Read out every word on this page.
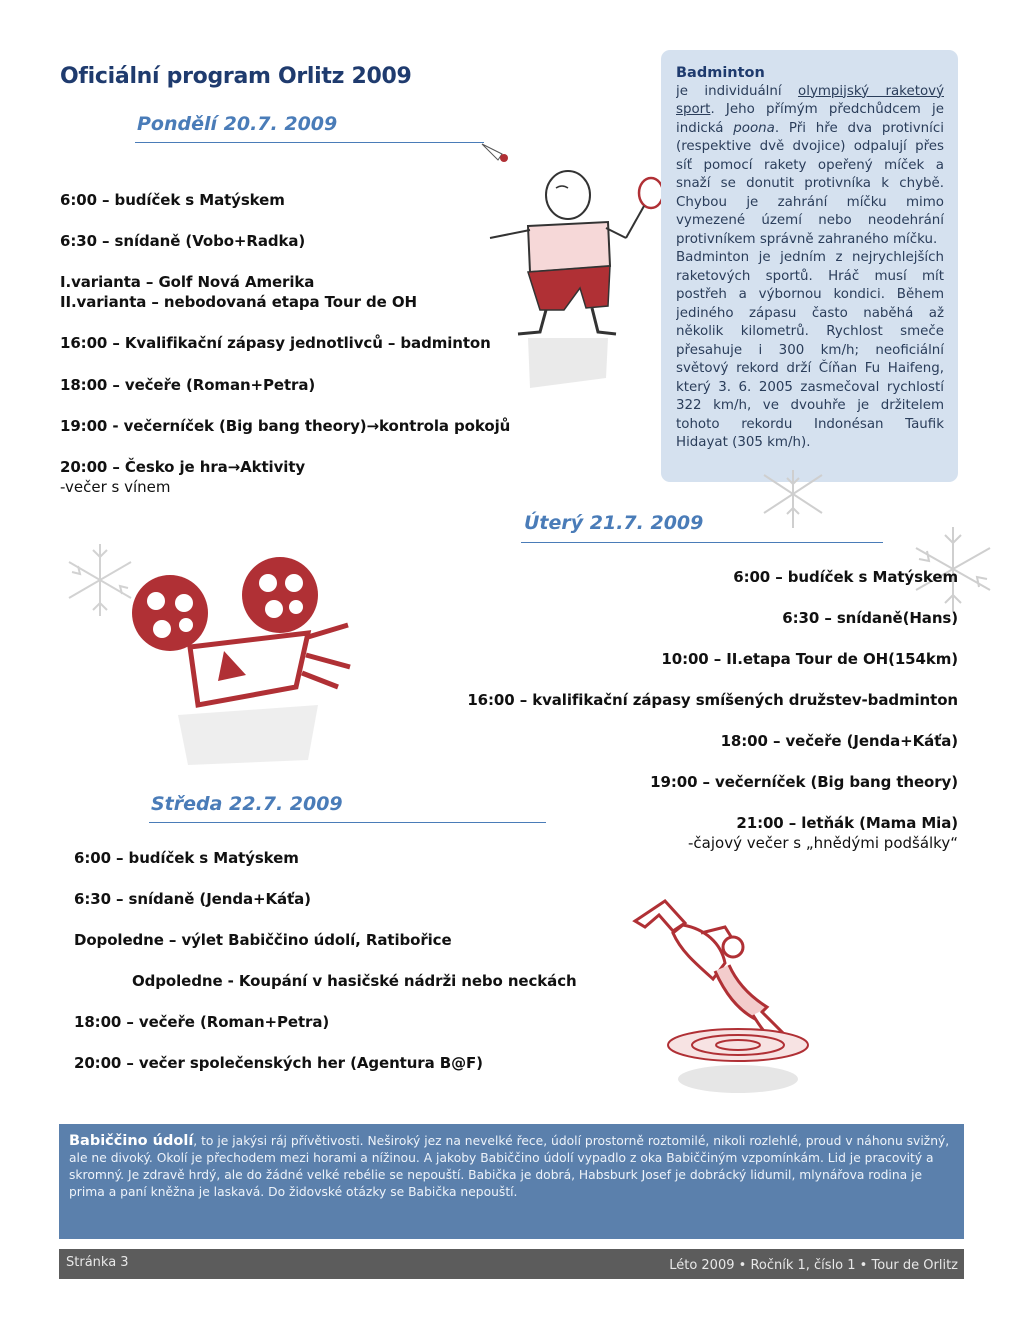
Oficiální program Orlitz 2009
Pondělí 20.7. 2009
6:00 – budíček s Matýskem
6:30 – snídaně (Vobo+Radka)
I.varianta – Golf Nová Amerika
II.varianta – nebodovaná etapa Tour de OH
16:00 – Kvalifikační zápasy jednotlivců – badminton
18:00 – večeře (Roman+Petra)
19:00 - večerníček (Big bang theory)→kontrola pokojů
20:00 – Česko je hra→Aktivity
-večer s vínem
Badminton
je individuální olympijský raketový sport. Jeho přímým předchůdcem je indická poona. Při hře dva protivníci (respektive dvě dvojice) odpalují přes síť pomocí rakety opeřený míček a snaží se donutit protivníka k chybě. Chybou je zahrání míčku mimo vymezené území nebo neodehrání protivníkem správně zahraného míčku.
Badminton je jedním z nejrychlejších raketových sportů. Hráč musí mít postřeh a výbornou kondici. Během jediného zápasu často naběhá až několik kilometrů. Rychlost smeče přesahuje i 300 km/h; neoficiální světový rekord drží Číňan Fu Haifeng, který 3. 6. 2005 zasmečoval rychlostí 322 km/h, ve dvouhře je držitelem tohoto rekordu Indonésan Taufik Hidayat (305 km/h).
Úterý 21.7. 2009
6:00 – budíček s Matýskem
6:30 – snídaně(Hans)
10:00 – II.etapa Tour de OH(154km)
16:00 – kvalifikační zápasy smíšených družstev-badminton
18:00 – večeře (Jenda+Káťa)
19:00 – večerníček (Big bang theory)
21:00 – letňák (Mama Mia)
-čajový večer s „hnědými podšálky“
Středa 22.7. 2009
6:00 – budíček s Matýskem
6:30 – snídaně (Jenda+Káťa)
Dopoledne – výlet Babiččino údolí, Ratibořice
Odpoledne - Koupání v hasičské nádrži nebo neckách
18:00 – večeře (Roman+Petra)
20:00 – večer společenských her (Agentura B@F)
Babiččino údolí, to je jakýsi ráj přívětivosti. Neširoký jez na nevelké řece, údolí prostorně roztomilé, nikoli rozlehlé, proud v náhonu svižný, ale ne divoký. Okolí je přechodem mezi horami a nížinou. A jakoby Babiččino údolí vypadlo z oka Babiččiným vzpomínkám. Lid je pracovitý a skromný. Je zdravě hrdý, ale do žádné velké rebélie se nepouští. Babička je dobrá, Habsburk Josef je dobrácký lidumil, mlynářova rodina je prima a paní kněžna je laskavá. Do židovské otázky se Babička nepouští.
Stránka 3	Léto 2009 • Ročník 1, číslo 1 • Tour de Orlitz
